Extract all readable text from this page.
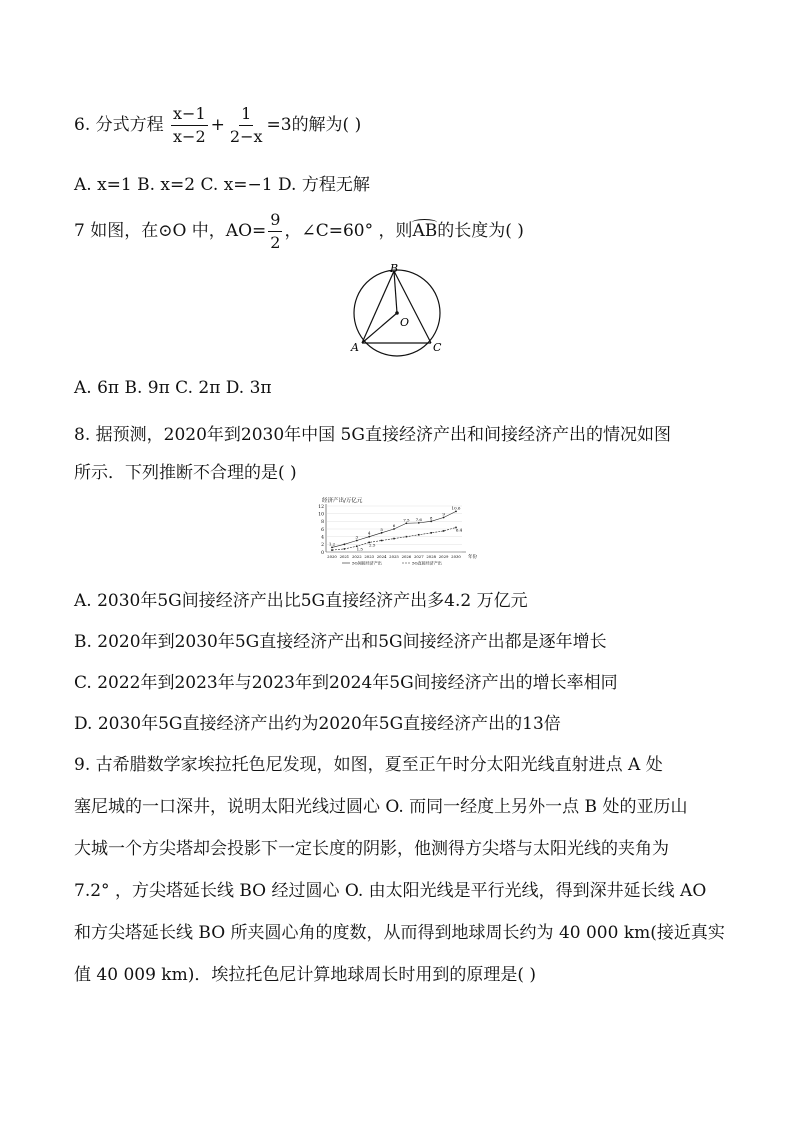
6. 分式方程 $\frac{x-1}{x-2} + \frac{1}{2-x} =3$的解为( )
A. x=1 B. x=2 C. x=−1 D. 方程无解
7 如图，在⊙O 中，$AO= \frac{9}{2}$ ，∠C=60° ，则AB的长度为( )
B
O
A	C
A. 6π B. 9π C. 2π D. 3π
8. 据预测，2020年到2030年中国 5G直接经济产出和间接经济产出的情况如图
所示．下列推断不合理的是( )
经济产出/万亿元
0
2
4
6
8
10
12
2020 2021 2022 2023 2024 2025 2026 2027 2028 2029 2030 年份
1.2
3
4
5
6
7.5 7.6 8
9
10.6
1.5
2.5
6.4
5G间接经济产出	5G直接经济产出
A. 2030年5G间接经济产出比5G直接经济产出多4.2 万亿元
B. 2020年到2030年5G直接经济产出和5G间接经济产出都是逐年增长
C. 2022年到2023年与2023年到2024年5G间接经济产出的增长率相同
D. 2030年5G直接经济产出约为2020年5G直接经济产出的13倍
9. 古希腊数学家埃拉托色尼发现，如图，夏至正午时分太阳光线直射进点 A 处
塞尼城的一口深井，说明太阳光线过圆心 O. 而同一经度上另外一点 B 处的亚历山
大城一个方尖塔却会投影下一定长度的阴影，他测得方尖塔与太阳光线的夹角为
7.2° ，方尖塔延长线 BO 经过圆心 O. 由太阳光线是平行光线，得到深井延长线 AO
和方尖塔延长线 BO 所夹圆心角的度数，从而得到地球周长约为 40 000 km(接近真实
值 40 009 km)．埃拉托色尼计算地球周长时用到的原理是( )
